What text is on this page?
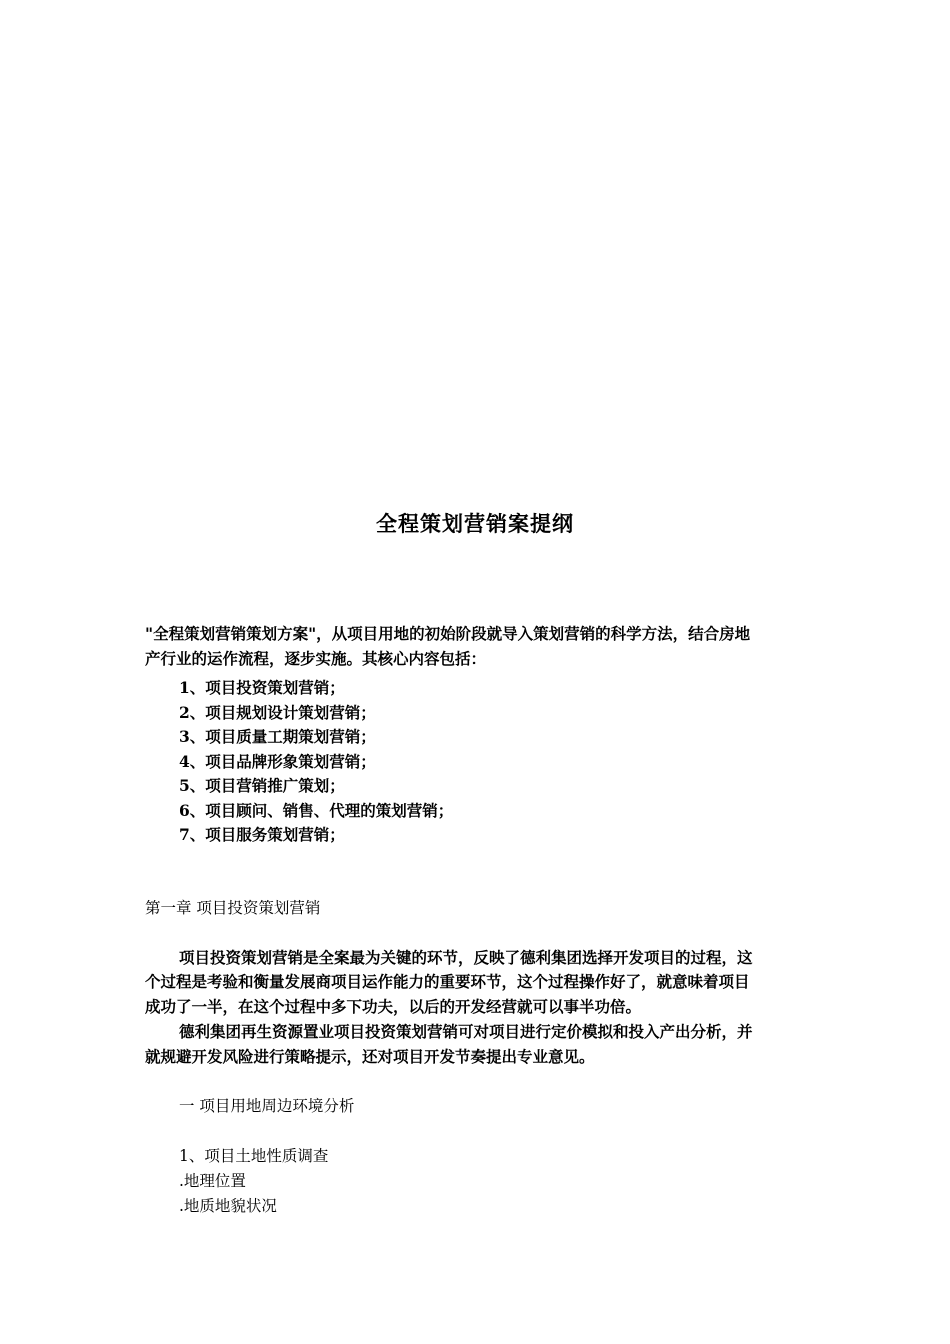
全程策划营销案提纲
"全程策划营销策划方案"，从项目用地的初始阶段就导入策划营销的科学方法，结合房地
产行业的运作流程，逐步实施。其核心内容包括：
1、项目投资策划营销；
2、项目规划设计策划营销；
3、项目质量工期策划营销；
4、项目品牌形象策划营销；
5、项目营销推广策划；
6、项目顾问、销售、代理的策划营销；
7、项目服务策划营销；
第一章 项目投资策划营销
项目投资策划营销是全案最为关键的环节，反映了德利集团选择开发项目的过程，这
个过程是考验和衡量发展商项目运作能力的重要环节，这个过程操作好了，就意味着项目
成功了一半，在这个过程中多下功夫，以后的开发经营就可以事半功倍。
德利集团再生资源置业项目投资策划营销可对项目进行定价模拟和投入产出分析，并
就规避开发风险进行策略提示，还对项目开发节奏提出专业意见。
一 项目用地周边环境分析
1、项目土地性质调查
.地理位置
.地质地貌状况
